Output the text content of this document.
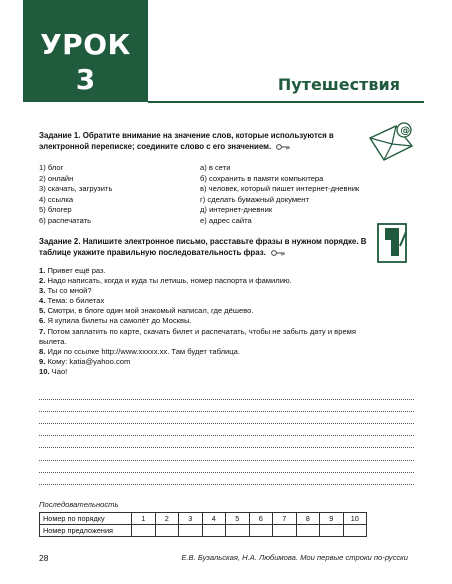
УРОК
3	Путешествия
@
Задание 1. Обратите внимание на значение слов, которые используются в электронной переписке; соедините слово с его значением.
1) блог
2) онлайн
3) скачать, загрузить
4) ссылка
5) блогер
6) распечатать
а) в сети
б) сохранить в памяти компьютера
в) человек, который пишет интернет-дневник
г) сделать бумажный документ
д) интернет-дневник
е) адрес сайта
Задание 2. Напишите электронное письмо, расставьте фразы в нужном порядке. В таблице укажите правильную последовательность фраз.
1. Привет ещё раз.
2. Надо написать, когда и куда ты летишь, номер паспорта и фамилию.
3. Ты со мной?
4. Тема: о билетах
5. Смотри, в блоге один мой знакомый написал, где дёшево.
6. Я купила билеты на самолёт до Москвы.
7. Потом заплатить по карте, скачать билет и распечатать, чтобы не забыть дату и время вылета.
8. Иди по ссылке http://www.xxxxx.xx. Там будет таблица.
9. Кому: katia@yahoo.com
10. Чао!
Последовательность
Номер по порядку	1	2	3	4	5	6	7	8	9	10
Номер предложения										
28	Е.В. Бузальская, Н.А. Любимова. Мои первые строки по-русски
